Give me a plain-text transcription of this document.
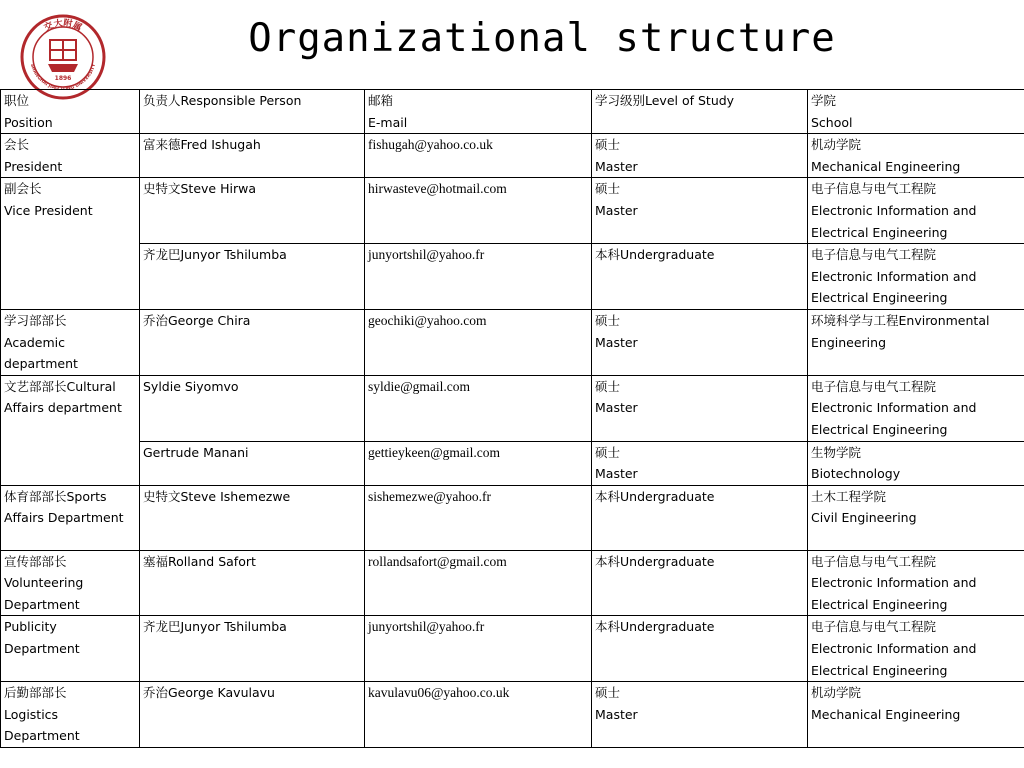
交大附属
SHANGHAI JIAO TONG UNIVERSITY
1896
Organizational structure
职位
Position	负责人Responsible Person	邮箱
E-mail	学习级别Level of Study	学院
School

会长
President	富来德Fred Ishugah	fishugah@yahoo.co.uk	硕士
Master	机动学院
Mechanical Engineering

副会长
Vice President	史特文Steve Hirwa	hirwasteve@hotmail.com	硕士
Master	电子信息与电气工程院
Electronic Information and
Electrical Engineering

	齐龙巴Junyor Tshilumba	junyortshil@yahoo.fr	本科Undergraduate	电子信息与电气工程院
Electronic Information and
Electrical Engineering

学习部部长
Academic
department	乔治George Chira	geochiki@yahoo.com	硕士
Master	环境科学与工程Environmental
Engineering

文艺部部长Cultural
Affairs department	Syldie Siyomvo	syldie@gmail.com	硕士
Master	电子信息与电气工程院
Electronic Information and
Electrical Engineering

	Gertrude Manani	gettieykeen@gmail.com	硕士
Master	生物学院
Biotechnology

体育部部长Sports
Affairs Department	史特文Steve Ishemezwe	sishemezwe@yahoo.fr	本科Undergraduate	土木工程学院
Civil Engineering

宣传部部长
Volunteering
Department	塞福Rolland Safort	rollandsafort@gmail.com	本科Undergraduate	电子信息与电气工程院
Electronic Information and
Electrical Engineering

Publicity
Department	齐龙巴Junyor Tshilumba	junyortshil@yahoo.fr	本科Undergraduate	电子信息与电气工程院
Electronic Information and
Electrical Engineering

后勤部部长
Logistics
Department	乔治George Kavulavu	kavulavu06@yahoo.co.uk	硕士
Master	机动学院
Mechanical Engineering
